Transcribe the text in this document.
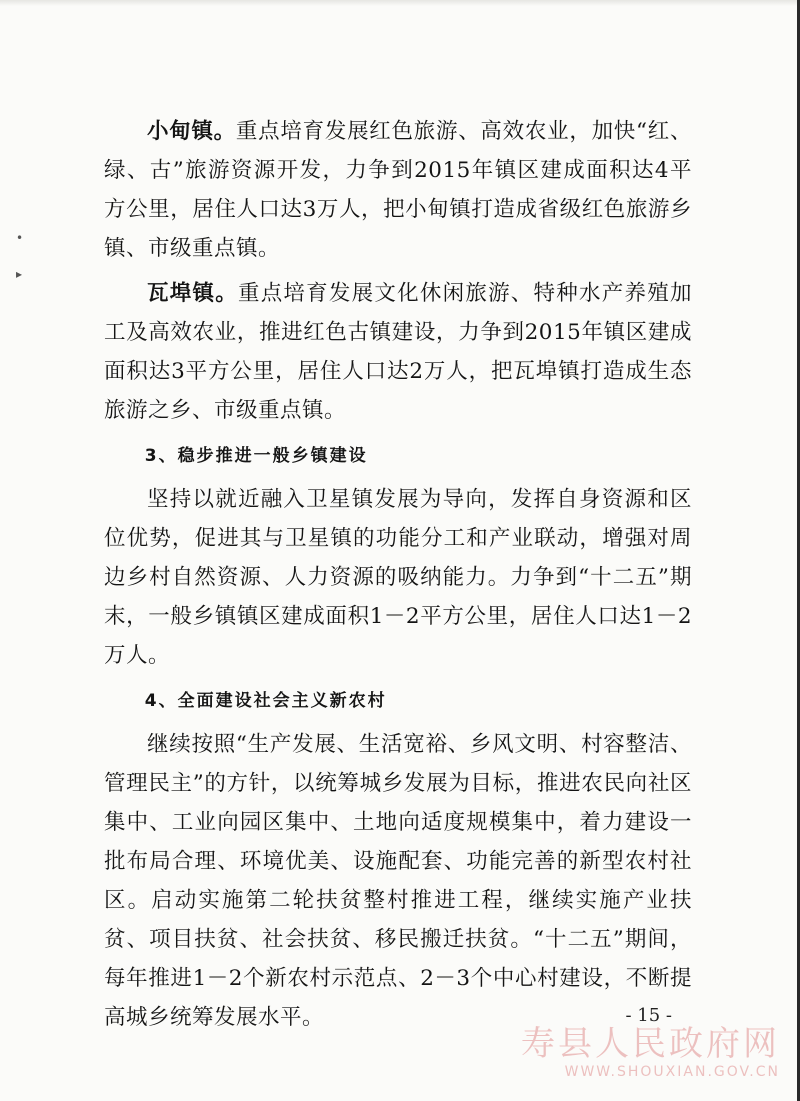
•
▸

小甸镇。重点培育发展红色旅游、高效农业，加快“红、绿、古”旅游资源开发，力争到2015年镇区建成面积达4平方公里，居住人口达3万人，把小甸镇打造成省级红色旅游乡镇、市级重点镇。

瓦埠镇。重点培育发展文化休闲旅游、特种水产养殖加工及高效农业，推进红色古镇建设，力争到2015年镇区建成面积达3平方公里，居住人口达2万人，把瓦埠镇打造成生态旅游之乡、市级重点镇。

3、稳步推进一般乡镇建设

坚持以就近融入卫星镇发展为导向，发挥自身资源和区位优势，促进其与卫星镇的功能分工和产业联动，增强对周边乡村自然资源、人力资源的吸纳能力。力争到“十二五”期末，一般乡镇镇区建成面积1－2平方公里，居住人口达1－2万人。

4、全面建设社会主义新农村

继续按照“生产发展、生活宽裕、乡风文明、村容整洁、管理民主”的方针，以统筹城乡发展为目标，推进农民向社区集中、工业向园区集中、土地向适度规模集中，着力建设一批布局合理、环境优美、设施配套、功能完善的新型农村社区。启动实施第二轮扶贫整村推进工程，继续实施产业扶贫、项目扶贫、社会扶贫、移民搬迁扶贫。“十二五”期间，每年推进1－2个新农村示范点、2－3个中心村建设，不断提高城乡统筹发展水平。	- 15 -
寿县人民政府网
WWW.SHOUXIAN.GOV.CN
